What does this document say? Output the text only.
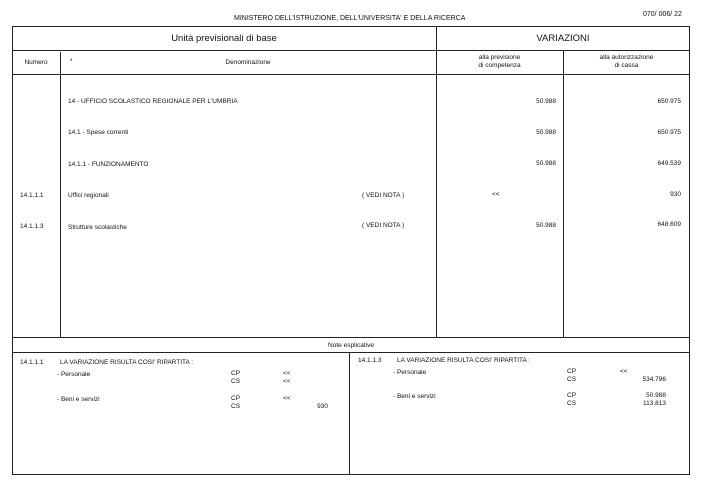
070/ 006/ 22
MINISTERO DELL'ISTRUZIONE, DELL'UNIVERSITA' E DELLA RICERCA
Unità previsionali di base	VARIAZIONI
Numero	*	Denominazione
alla previsione
di competenza
alla autorizzazione
di cassa
14 - UFFICIO SCOLASTICO REGIONALE PER L'UMBRIA	50.988	650.975
14.1 - Spese correnti	50.988	650.975
14.1.1 - FUNZIONAMENTO	50.988	649.539
14.1.1.1	Uffici regionali	( VEDI NOTA )	<<	930
14.1.1.3	Strutture scolastiche	( VEDI NOTA )	50.988	648.609
Note esplicative
14.1.1.1	LA VARIAZIONE RISULTA COSI' RIPARTITA :
- Personale	CP	<<
CS	<<
- Beni e servizi	CP	<<
CS	930
14.1.1.3 LA VARIAZIONE RISULTA COSI' RIPARTITA :
- Personale	CP	<<
CS	534.796
- Beni e servizi	CP	50.988
CS	113.813
